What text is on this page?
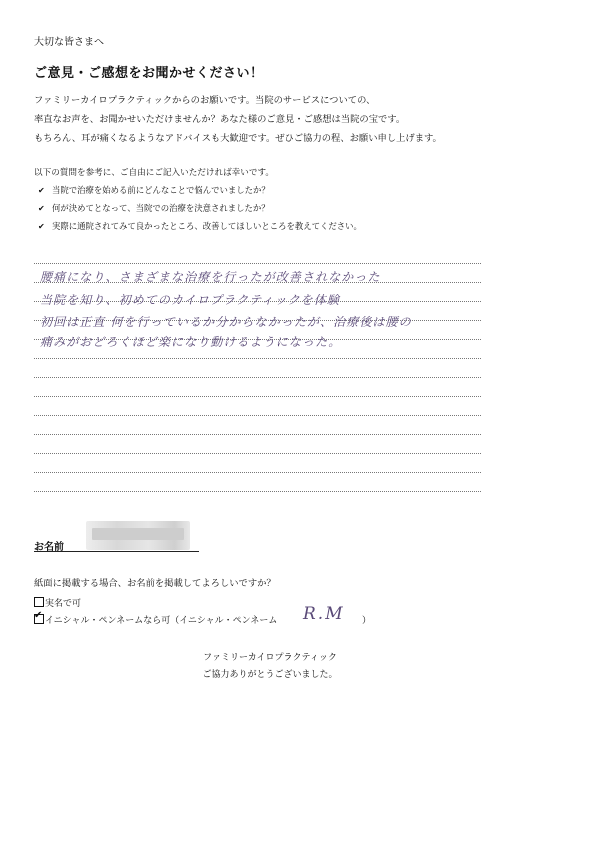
大切な皆さまへ
ご意見・ご感想をお聞かせください！
ファミリーカイロプラクティックからのお願いです。当院のサービスについての、
率直なお声を、お聞かせいただけませんか？あなた様のご意見・ご感想は当院の宝です。
もちろん、耳が痛くなるようなアドバイスも大歓迎です。ぜひご協力の程、お願い申し上げます。
以下の質問を参考に、ご自由にご記入いただければ幸いです。
✔ 当院で治療を始める前にどんなことで悩んでいましたか？
✔ 何が決めてとなって、当院での治療を決意されましたか？
✔ 実際に通院されてみて良かったところ、改善してほしいところを教えてください。
腰痛になり、さまざまな治療を行ったが改善されなかった
当院を知り、初めてのカイロプラクティックを体験
初回は正直 何を行っているか分からなかったが、治療後は腰の
痛みがおどろくほど楽になり動けるようになった。
お名前
紙面に掲載する場合、お名前を掲載してよろしいですか？
実名で可
✔ イニシャル・ペンネームなら可（イニシャル・ペンネーム R.M ）
ファミリーカイロプラクティック
ご協力ありがとうございました。
